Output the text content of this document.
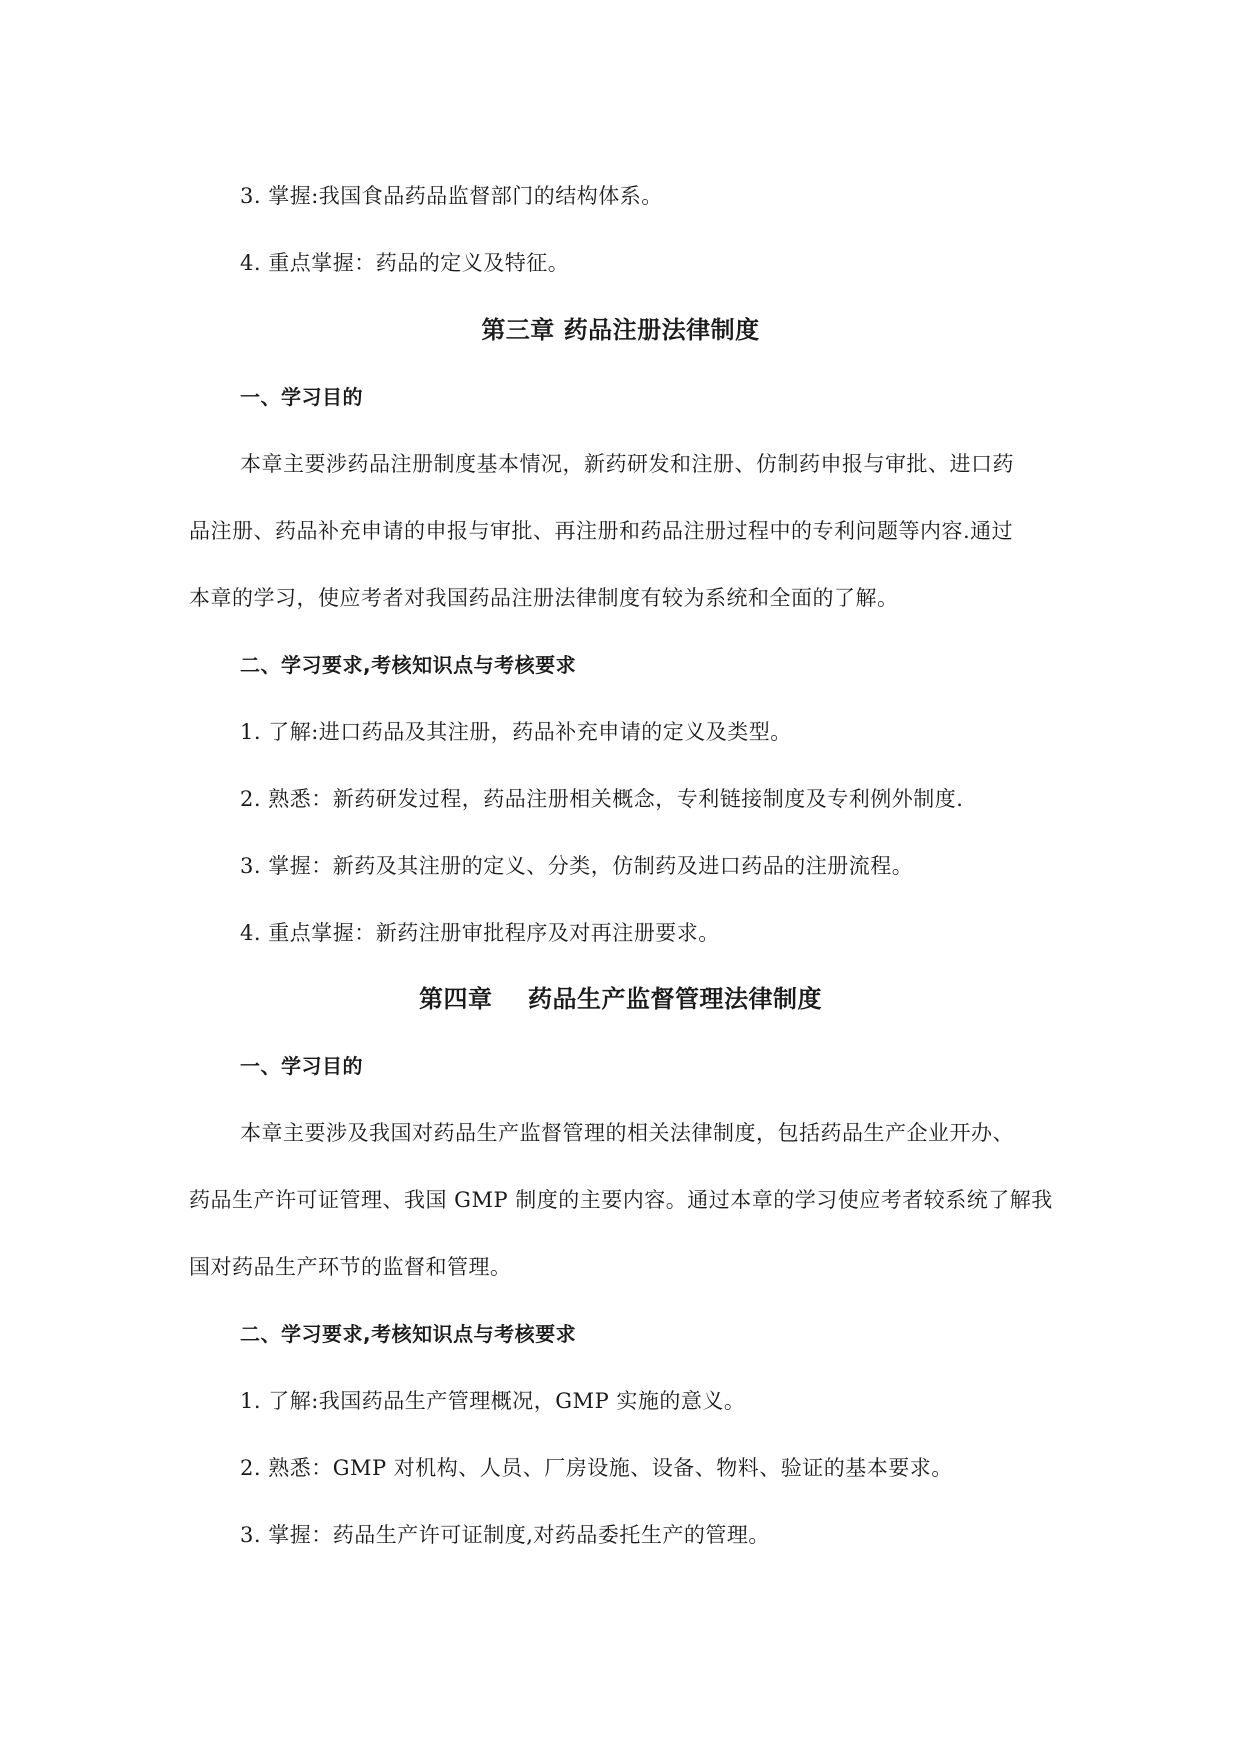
3. 掌握:我国食品药品监督部门的结构体系。
4. 重点掌握：药品的定义及特征。
第三章 药品注册法律制度
一、学习目的
本章主要涉药品注册制度基本情况，新药研发和注册、仿制药申报与审批、进口药
品注册、药品补充申请的申报与审批、再注册和药品注册过程中的专利问题等内容.通过
本章的学习，使应考者对我国药品注册法律制度有较为系统和全面的了解。
二、学习要求,考核知识点与考核要求
1. 了解:进口药品及其注册，药品补充申请的定义及类型。
2. 熟悉：新药研发过程，药品注册相关概念，专利链接制度及专利例外制度.
3. 掌握：新药及其注册的定义、分类，仿制药及进口药品的注册流程。
4. 重点掌握：新药注册审批程序及对再注册要求。
第四章    药品生产监督管理法律制度
一、学习目的
本章主要涉及我国对药品生产监督管理的相关法律制度，包括药品生产企业开办、
药品生产许可证管理、我国 GMP 制度的主要内容。通过本章的学习使应考者较系统了解我
国对药品生产环节的监督和管理。
二、学习要求,考核知识点与考核要求
1. 了解:我国药品生产管理概况，GMP 实施的意义。
2. 熟悉：GMP 对机构、人员、厂房设施、设备、物料、验证的基本要求。
3. 掌握：药品生产许可证制度,对药品委托生产的管理。
